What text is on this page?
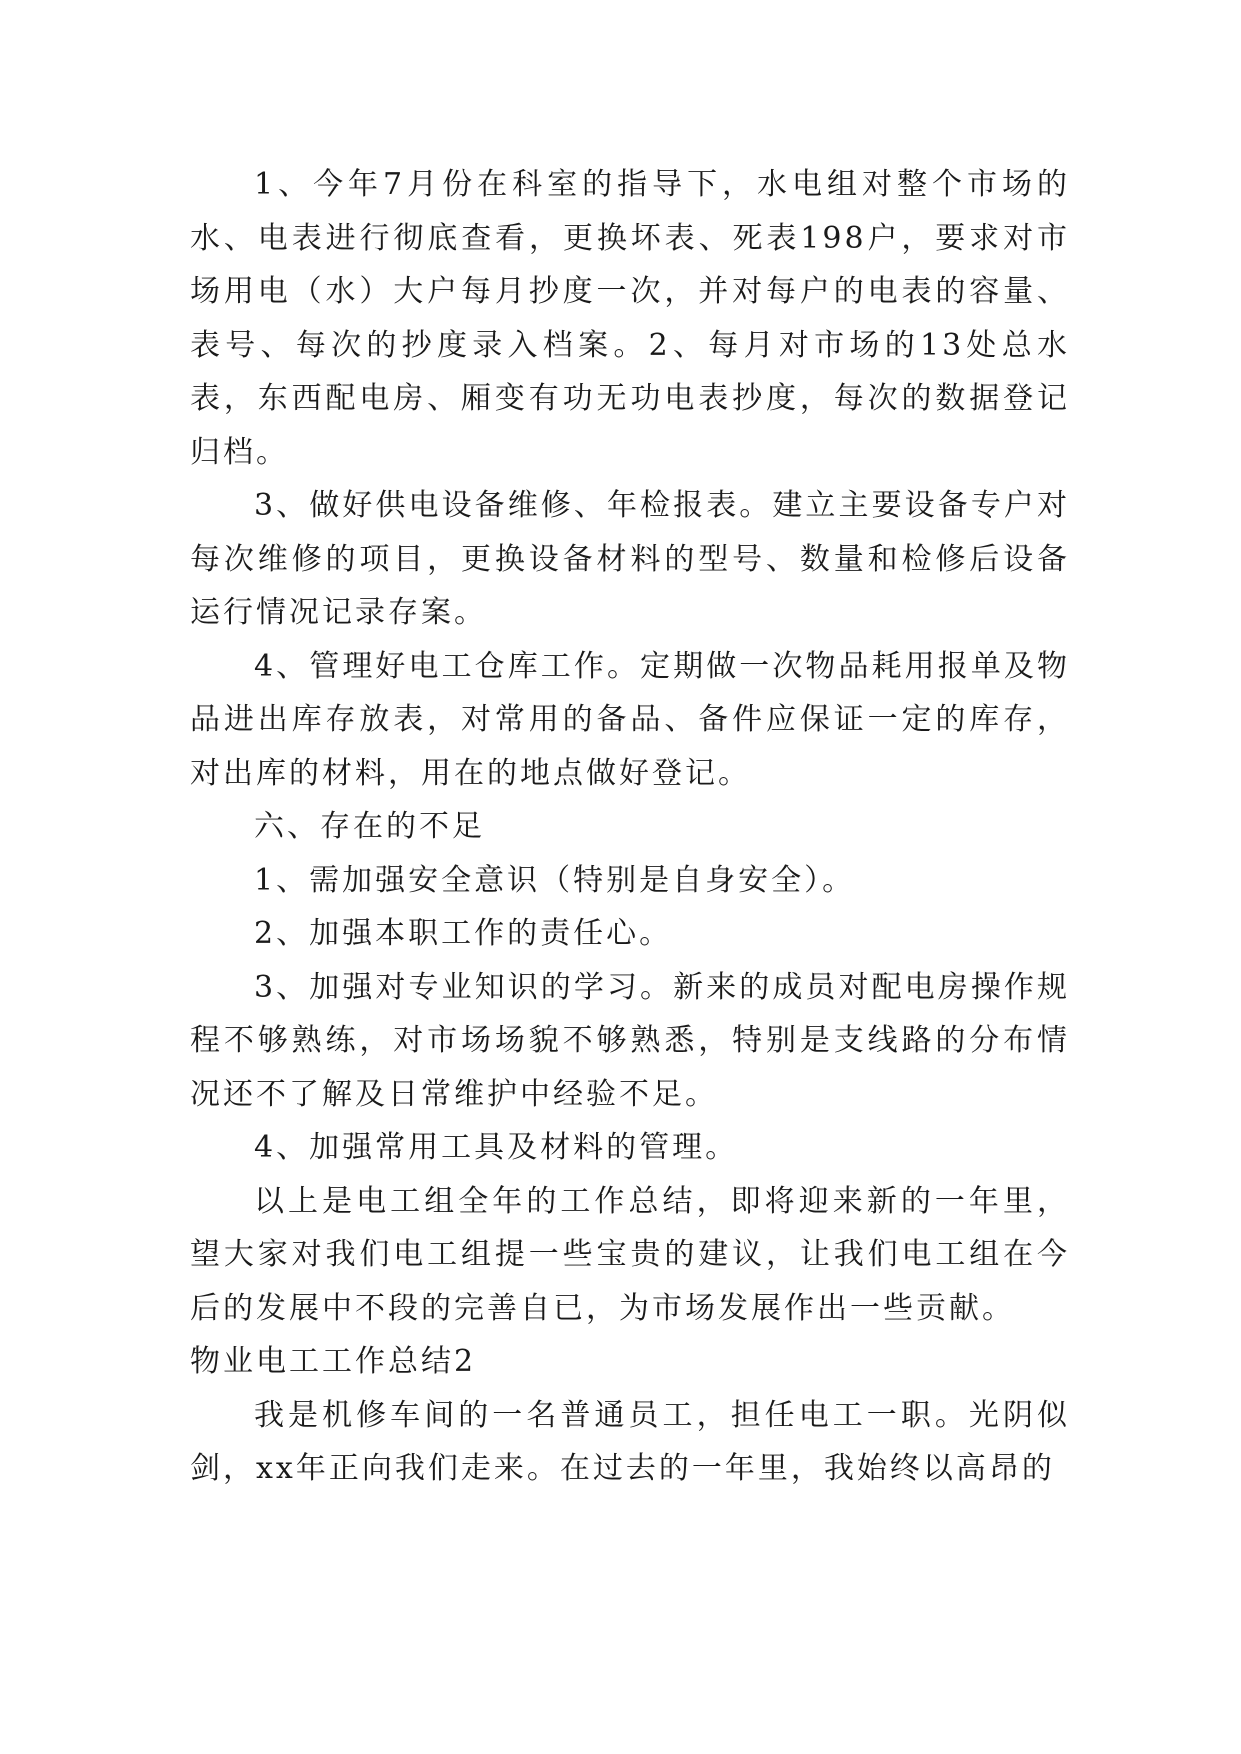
1、今年7月份在科室的指导下，水电组对整个市场的水、电表进行彻底查看，更换坏表、死表198户，要求对市场用电（水）大户每月抄度一次，并对每户的电表的容量、表号、每次的抄度录入档案。2、每月对市场的13处总水表，东西配电房、厢变有功无功电表抄度，每次的数据登记归档。

3、做好供电设备维修、年检报表。建立主要设备专户对每次维修的项目，更换设备材料的型号、数量和检修后设备运行情况记录存案。

4、管理好电工仓库工作。定期做一次物品耗用报单及物品进出库存放表，对常用的备品、备件应保证一定的库存，对出库的材料，用在的地点做好登记。

六、存在的不足

1、需加强安全意识（特别是自身安全）。

2、加强本职工作的责任心。

3、加强对专业知识的学习。新来的成员对配电房操作规程不够熟练，对市场场貌不够熟悉，特别是支线路的分布情况还不了解及日常维护中经验不足。

4、加强常用工具及材料的管理。

以上是电工组全年的工作总结，即将迎来新的一年里，望大家对我们电工组提一些宝贵的建议，让我们电工组在今后的发展中不段的完善自已，为市场发展作出一些贡献。

物业电工工作总结2

我是机修车间的一名普通员工，担任电工一职。光阴似剑，xx年正向我们走来。在过去的一年里，我始终以高昂的
